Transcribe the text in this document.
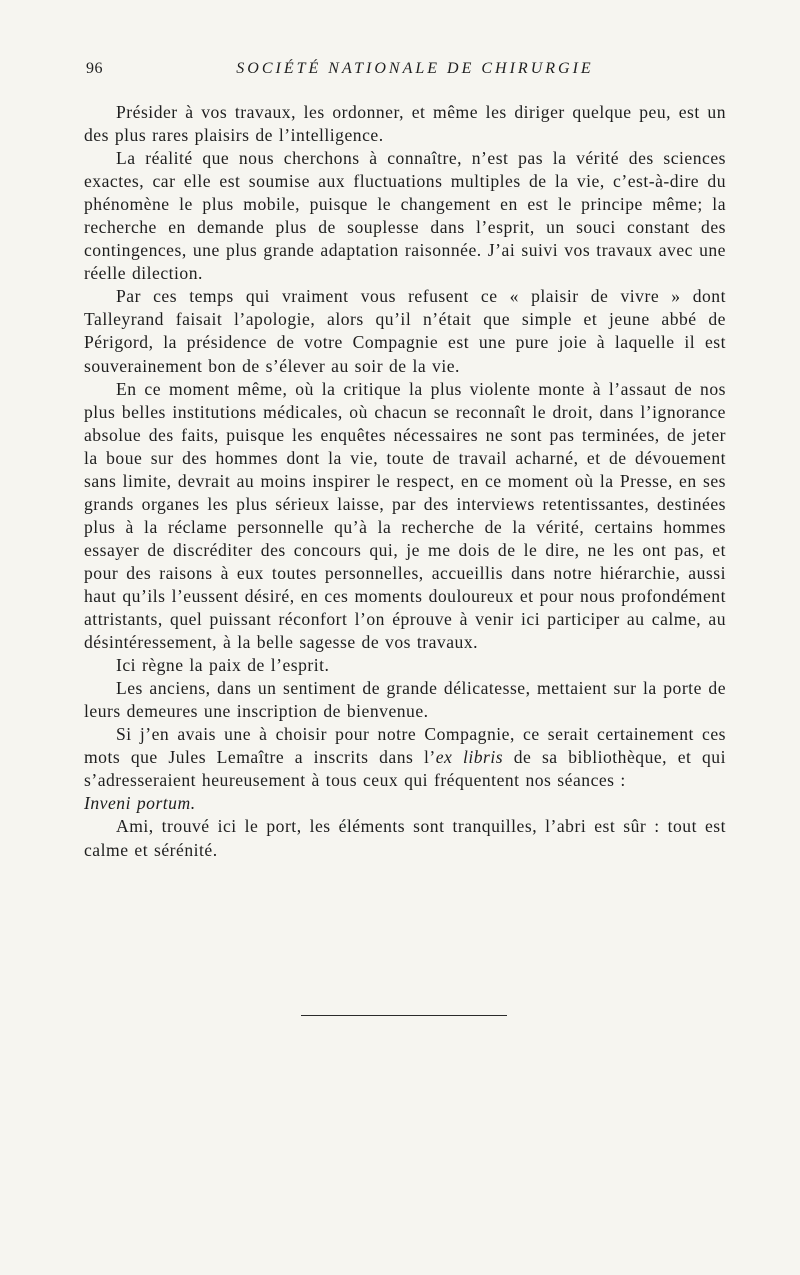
96	SOCIÉTÉ NATIONALE DE CHIRURGIE

Présider à vos travaux, les ordonner, et même les diriger quelque peu, est un des plus rares plaisirs de l’intelligence.

La réalité que nous cherchons à connaître, n’est pas la vérité des sciences exactes, car elle est soumise aux fluctuations multiples de la vie, c’est-à-dire du phénomène le plus mobile, puisque le changement en est le principe même; la recherche en demande plus de souplesse dans l’esprit, un souci constant des contingences, une plus grande adaptation raisonnée. J’ai suivi vos travaux avec une réelle dilection.

Par ces temps qui vraiment vous refusent ce « plaisir de vivre » dont Talleyrand faisait l’apologie, alors qu’il n’était que simple et jeune abbé de Périgord, la présidence de votre Compagnie est une pure joie à laquelle il est souverainement bon de s’élever au soir de la vie.

En ce moment même, où la critique la plus violente monte à l’assaut de nos plus belles institutions médicales, où chacun se reconnaît le droit, dans l’ignorance absolue des faits, puisque les enquêtes nécessaires ne sont pas terminées, de jeter la boue sur des hommes dont la vie, toute de travail acharné, et de dévouement sans limite, devrait au moins inspirer le respect, en ce moment où la Presse, en ses grands organes les plus sérieux laisse, par des interviews retentissantes, destinées plus à la réclame personnelle qu’à la recherche de la vérité, certains hommes essayer de discréditer des concours qui, je me dois de le dire, ne les ont pas, et pour des raisons à eux toutes personnelles, accueillis dans notre hiérarchie, aussi haut qu’ils l’eussent désiré, en ces moments douloureux et pour nous profondément attristants, quel puissant réconfort l’on éprouve à venir ici participer au calme, au désintéressement, à la belle sagesse de vos travaux.

Ici règne la paix de l’esprit.

Les anciens, dans un sentiment de grande délicatesse, mettaient sur la porte de leurs demeures une inscription de bienvenue.

Si j’en avais une à choisir pour notre Compagnie, ce serait certainement ces mots que Jules Lemaître a inscrits dans l’ex libris de sa bibliothèque, et qui s’adresseraient heureusement à tous ceux qui fréquentent nos séances :

Inveni portum.

Ami, trouvé ici le port, les éléments sont tranquilles, l’abri est sûr : tout est calme et sérénité.
